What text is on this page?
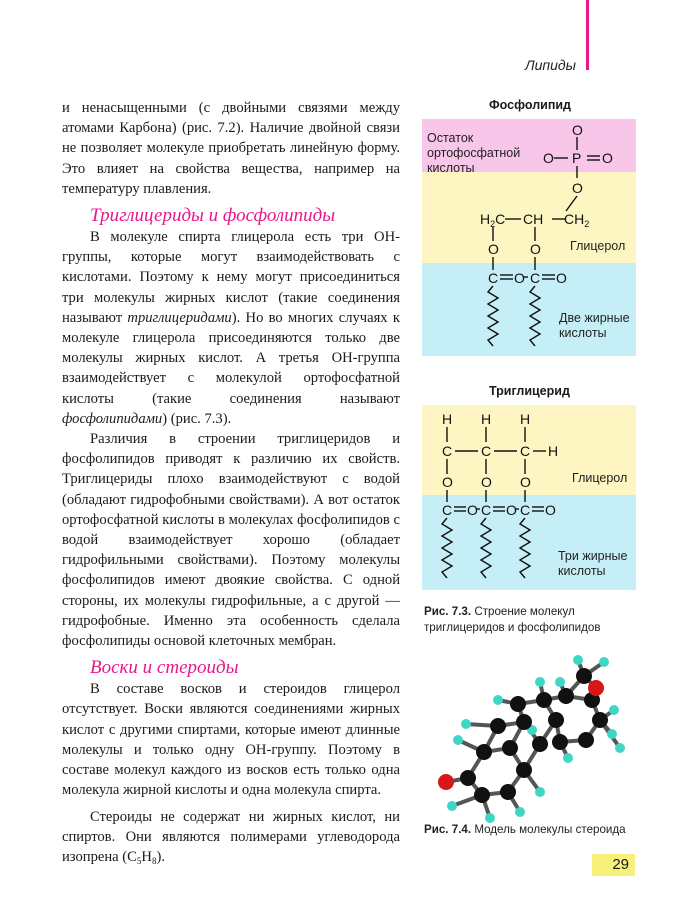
Липиды

и ненасыщенными (с двойными связями между атомами Карбона) (рис. 7.2). Наличие двойной связи не позволяет молекуле приобретать линейную форму. Это влияет на свойства вещества, например на температуру плавления.

Триглицериды и фосфолипиды

В молекуле спирта глицерола есть три ОН-группы, которые могут взаимодействовать с кислотами. Поэтому к нему могут присоединиться три молекулы жирных кислот (такие соединения называют триглицеридами). Но во многих случаях к молекуле глицерола присоединяются только две молекулы жирных кислот. А третья ОН-группа взаимодействует с молекулой ортофосфатной кислоты (такие соединения называют фосфолипидами) (рис. 7.3).

Различия в строении триглицеридов и фосфолипидов приводят к различию их свойств. Триглицериды плохо взаимодействуют с водой (обладают гидрофобными свойствами). А вот остаток ортофосфатной кислоты в молекулах фосфолипидов с водой взаимодействует хорошо (обладает гидрофильными свойствами). Поэтому молекулы фосфолипидов имеют двоякие свойства. С одной стороны, их молекулы гидрофильные, а с другой — гидрофобные. Именно эта особенность сделала фосфолипиды основой клеточных мембран.

Воски и стероиды

В составе восков и стероидов глицерол отсутствует. Воски являются соединениями жирных кислот с другими спиртами, которые имеют длинные молекулы и только одну ОН-группу. Поэтому в составе молекул каждого из восков есть только одна молекула жирной кислоты и одна молекула спирта.

Стероиды не содержат ни жирных кислот, ни спиртов. Они являются полимерами углеводорода изопрена $(C_5H_8)$.

Фосфолипид
Остаток ортофосфатной кислоты
Глицерол
Две жирные кислоты
Триглицерид
Глицерол
Три жирные кислоты
O
O P O
O
$H_2C$ CH $CH_2$
O O
C O C O
H H H
C C C H
O O O
C O C O C O
Рис. 7.3. Строение молекул триглицеридов и фосфолипидов
Рис. 7.4. Модель молекулы стероида
29
